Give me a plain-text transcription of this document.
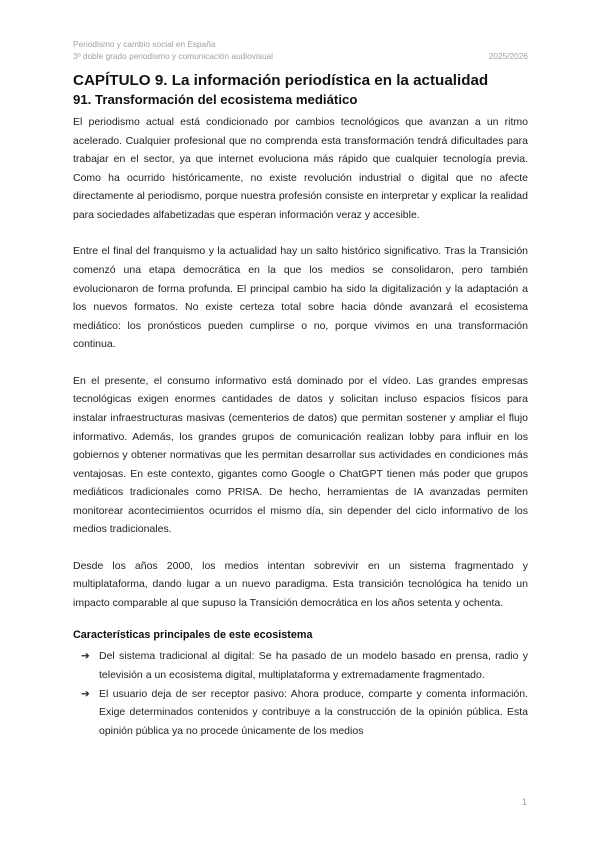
Periodismo y cambio social en España
3º doble grado periodismo y comunicación audiovisual	2025/2026
CAPÍTULO 9. La información periodística en la actualidad
91. Transformación del ecosistema mediático

El periodismo actual está condicionado por cambios tecnológicos que avanzan a un ritmo acelerado. Cualquier profesional que no comprenda esta transformación tendrá dificultades para trabajar en el sector, ya que internet evoluciona más rápido que cualquier tecnología previa. Como ha ocurrido históricamente, no existe revolución industrial o digital que no afecte directamente al periodismo, porque nuestra profesión consiste en interpretar y explicar la realidad para sociedades alfabetizadas que esperan información veraz y accesible.

Entre el final del franquismo y la actualidad hay un salto histórico significativo. Tras la Transición comenzó una etapa democrática en la que los medios se consolidaron, pero también evolucionaron de forma profunda. El principal cambio ha sido la digitalización y la adaptación a los nuevos formatos. No existe certeza total sobre hacia dónde avanzará el ecosistema mediático: los pronósticos pueden cumplirse o no, porque vivimos en una transformación continua.

En el presente, el consumo informativo está dominado por el vídeo. Las grandes empresas tecnológicas exigen enormes cantidades de datos y solicitan incluso espacios físicos para instalar infraestructuras masivas (cementerios de datos) que permitan sostener y ampliar el flujo informativo. Además, los grandes grupos de comunicación realizan lobby para influir en los gobiernos y obtener normativas que les permitan desarrollar sus actividades en condiciones más ventajosas. En este contexto, gigantes como Google o ChatGPT tienen más poder que grupos mediáticos tradicionales como PRISA. De hecho, herramientas de IA avanzadas permiten monitorear acontecimientos ocurridos el mismo día, sin depender del ciclo informativo de los medios tradicionales.

Desde los años 2000, los medios intentan sobrevivir en un sistema fragmentado y multiplataforma, dando lugar a un nuevo paradigma. Esta transición tecnológica ha tenido un impacto comparable al que supuso la Transición democrática en los años setenta y ochenta.

Características principales de este ecosistema
➔ Del sistema tradicional al digital: Se ha pasado de un modelo basado en prensa, radio y televisión a un ecosistema digital, multiplataforma y extremadamente fragmentado.
➔ El usuario deja de ser receptor pasivo: Ahora produce, comparte y comenta información. Exige determinados contenidos y contribuye a la construcción de la opinión pública. Esta opinión pública ya no procede únicamente de los medios
1
